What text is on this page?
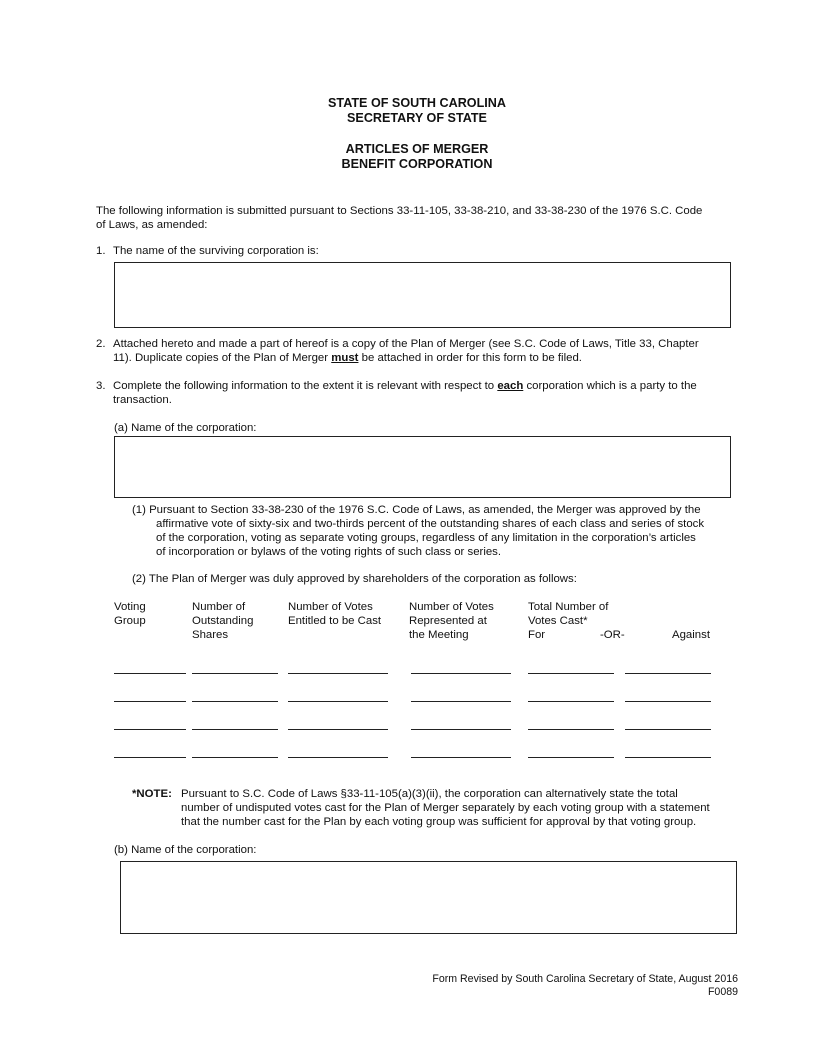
STATE OF SOUTH CAROLINA
SECRETARY OF STATE
ARTICLES OF MERGER
BENEFIT CORPORATION
The following information is submitted pursuant to Sections 33-11-105, 33-38-210, and 33-38-230 of the 1976 S.C. Code
of Laws, as amended:
1. The name of the surviving corporation is:
2. Attached hereto and made a part of hereof is a copy of the Plan of Merger (see S.C. Code of Laws, Title 33, Chapter
11). Duplicate copies of the Plan of Merger must be attached in order for this form to be filed.
3. Complete the following information to the extent it is relevant with respect to each corporation which is a party to the
transaction.
(a) Name of the corporation:
(1) Pursuant to Section 33-38-230 of the 1976 S.C. Code of Laws, as amended, the Merger was approved by the
affirmative vote of sixty-six and two-thirds percent of the outstanding shares of each class and series of stock
of the corporation, voting as separate voting groups, regardless of any limitation in the corporation’s articles
of incorporation or bylaws of the voting rights of such class or series.
(2) The Plan of Merger was duly approved by shareholders of the corporation as follows:
Voting
Group
Number of
Outstanding
Shares
Number of Votes
Entitled to be Cast
Number of Votes
Represented at
the Meeting
Total Number of
Votes Cast*
For	-OR-	Against
*NOTE: Pursuant to S.C. Code of Laws §33-11-105(a)(3)(ii), the corporation can alternatively state the total
number of undisputed votes cast for the Plan of Merger separately by each voting group with a statement
that the number cast for the Plan by each voting group was sufficient for approval by that voting group.
(b) Name of the corporation:
Form Revised by South Carolina Secretary of State, August 2016
F0089
